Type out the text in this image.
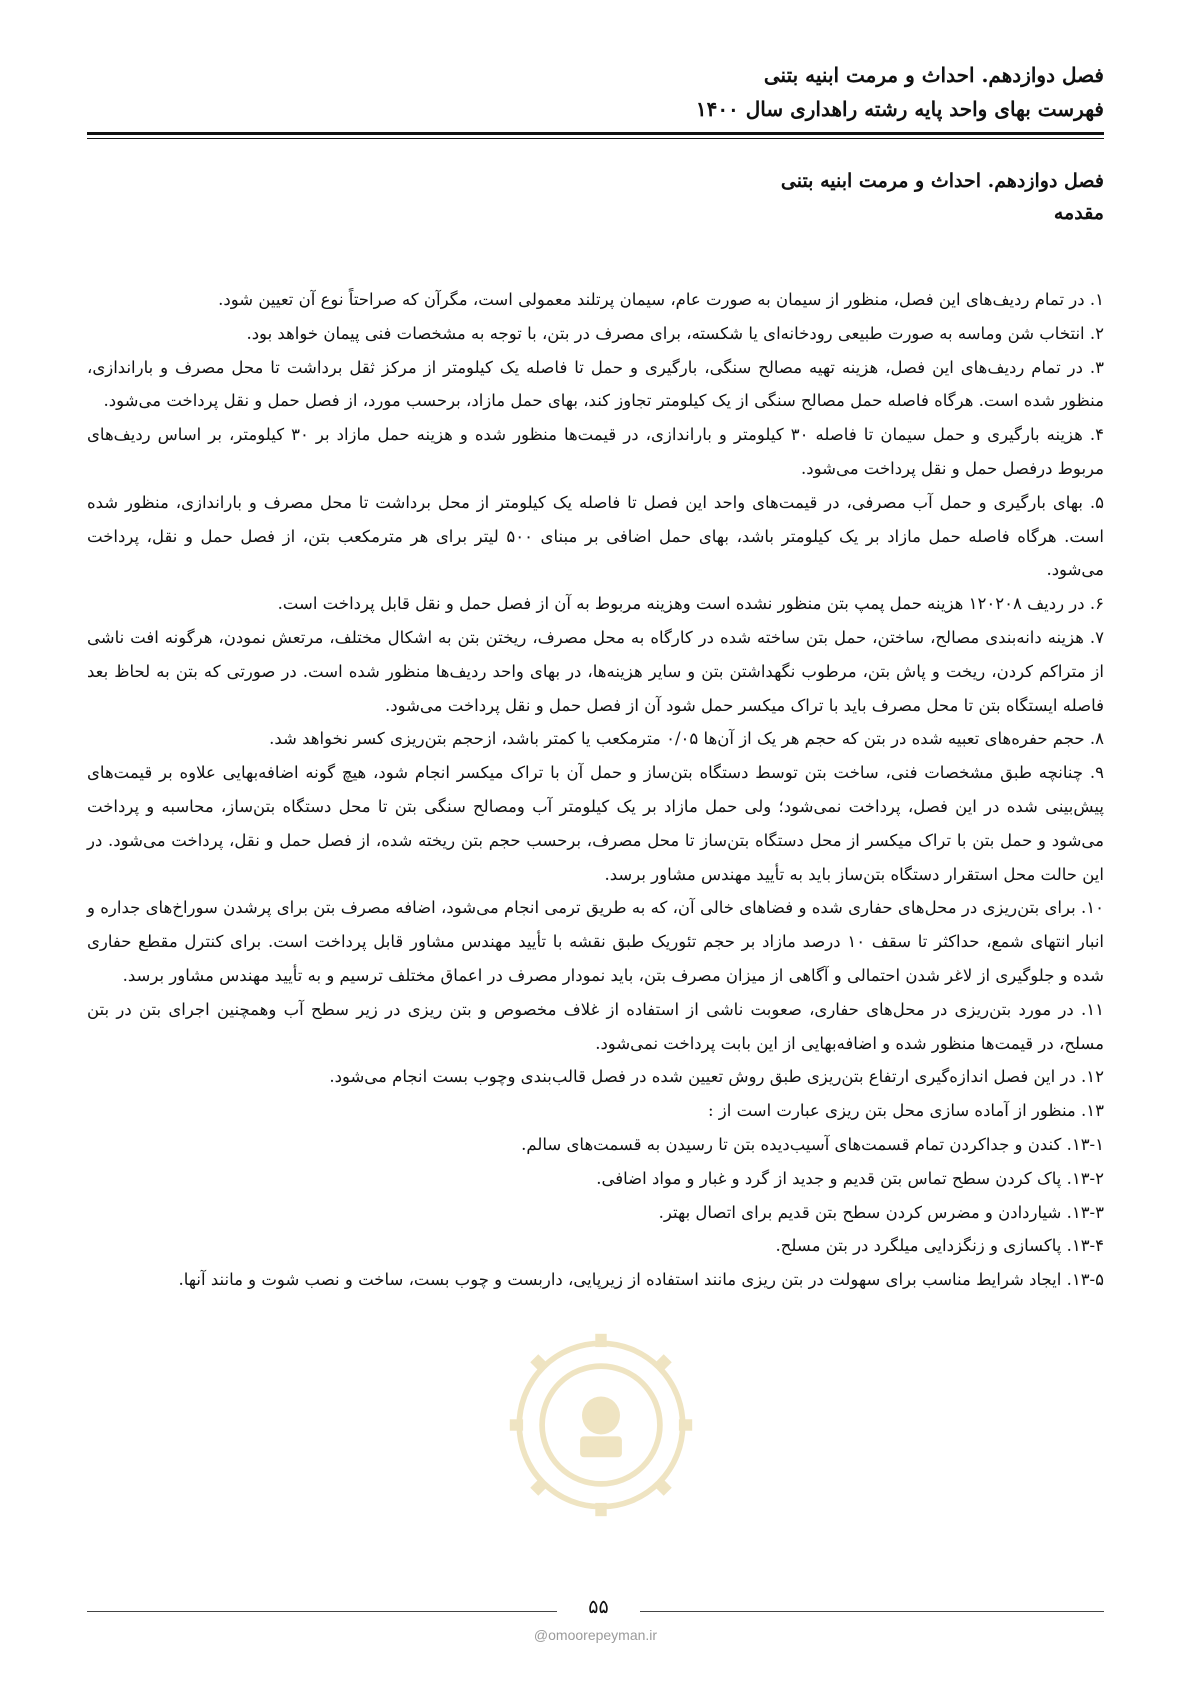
فصل دوازدهم. احداث و مرمت ابنیه بتنی
فهرست بهای واحد پایه رشته راهداری سال ۱۴۰۰
فصل دوازدهم. احداث و مرمت ابنیه بتنی
مقدمه

۱. در تمام ردیف‌های این فصل، منظور از سیمان به صورت عام، سیمان پرتلند معمولی است، مگرآن که صراحتاً نوع آن تعیین شود.

۲. انتخاب شن وماسه به صورت طبیعی رودخانه‌ای یا شکسته، برای مصرف در بتن، با توجه به مشخصات فنی پیمان خواهد بود.

۳. در تمام ردیف‌های این فصل، هزینه تهیه مصالح سنگی، بارگیری و حمل تا فاصله یک کیلومتر از مرکز ثقل برداشت تا محل مصرف و باراندازی، منظور شده است. هرگاه فاصله حمل مصالح سنگی از یک کیلومتر تجاوز کند، بهای حمل مازاد، برحسب مورد، از فصل حمل و نقل پرداخت می‌شود.

۴. هزینه بارگیری و حمل سیمان تا فاصله ۳۰ کیلومتر و باراندازی، در قیمت‌ها منظور شده و هزینه حمل مازاد بر ۳۰ کیلومتر، بر اساس ردیف‌های مربوط درفصل حمل و نقل پرداخت می‌شود.

۵. بهای بارگیری و حمل آب مصرفی، در قیمت‌های واحد این فصل تا فاصله یک کیلومتر از محل برداشت تا محل مصرف و باراندازی، منظور شده است. هرگاه فاصله حمل مازاد بر یک کیلومتر باشد، بهای حمل اضافی بر مبنای ۵۰۰ لیتر برای هر مترمکعب بتن، از فصل حمل و نقل، پرداخت می‌شود.

۶. در ردیف ۱۲۰۲۰۸ هزینه حمل پمپ بتن منظور نشده است وهزینه مربوط به آن از فصل حمل و نقل قابل پرداخت است.

۷. هزینه دانه‌بندی مصالح، ساختن، حمل بتن ساخته شده در کارگاه به محل مصرف، ریختن بتن به اشکال مختلف، مرتعش نمودن، هرگونه افت ناشی از متراکم کردن، ریخت و پاش بتن، مرطوب نگهداشتن بتن و سایر هزینه‌ها، در بهای واحد ردیف‌ها منظور شده است. در صورتی که بتن به لحاظ بعد فاصله ایستگاه بتن تا محل مصرف باید با تراک میکسر حمل شود آن از فصل حمل و نقل پرداخت می‌شود.

۸. حجم حفره‌های تعبیه شده در بتن که حجم هر یک از آن‌ها ۰/۰۵ مترمکعب یا کمتر باشد، ازحجم بتن‌ریزی کسر نخواهد شد.

۹. چنانچه طبق مشخصات فنی، ساخت بتن توسط دستگاه بتن‌ساز و حمل آن با تراک میکسر انجام شود، هیچ گونه اضافه‌بهایی علاوه بر قیمت‌های پیش‌بینی شده در این فصل، پرداخت نمی‌شود؛ ولی حمل مازاد بر یک کیلومتر آب ومصالح سنگی بتن تا محل دستگاه بتن‌ساز، محاسبه و پرداخت می‌شود و حمل بتن با تراک میکسر از محل دستگاه بتن‌ساز تا محل مصرف، برحسب حجم بتن ریخته شده، از فصل حمل و نقل، پرداخت می‌شود. در این حالت محل استقرار دستگاه بتن‌ساز باید به تأیید مهندس مشاور برسد.

۱۰. برای بتن‌ریزی در محل‌های حفاری شده و فضاهای خالی آن، که به طریق ترمی انجام می‌شود، اضافه مصرف بتن برای پرشدن سوراخ‌های جداره و انبار انتهای شمع، حداکثر تا سقف ۱۰ درصد مازاد بر حجم تئوریک طبق نقشه با تأیید مهندس مشاور قابل پرداخت است. برای کنترل مقطع حفاری شده و جلوگیری از لاغر شدن احتمالی و آگاهی از میزان مصرف بتن، باید نمودار مصرف در اعماق مختلف ترسیم و به تأیید مهندس مشاور برسد.

۱۱. در مورد بتن‌ریزی در محل‌های حفاری، صعوبت ناشی از استفاده از غلاف مخصوص و بتن ریزی در زیر سطح آب وهمچنین اجرای بتن در بتن مسلح، در قیمت‌ها منظور شده و اضافه‌بهایی از این بابت پرداخت نمی‌شود.

۱۲. در این فصل اندازه‌گیری ارتفاع بتن‌ریزی طبق روش تعیین شده در فصل قالب‌بندی وچوب بست انجام می‌شود.

۱۳. منظور از آماده سازی محل بتن ریزی عبارت است از :

۱۳-۱. کندن و جداکردن تمام قسمت‌های آسیب‌دیده بتن تا رسیدن به قسمت‌های سالم.

۱۳-۲. پاک کردن سطح تماس بتن قدیم و جدید از گرد و غبار و مواد اضافی.

۱۳-۳. شیاردادن و مضرس کردن سطح بتن قدیم برای اتصال بهتر.

۱۳-۴. پاکسازی و زنگزدایی میلگرد در بتن مسلح.

۱۳-۵. ایجاد شرایط مناسب برای سهولت در بتن ریزی مانند استفاده از زیرپایی، داربست و چوب بست، ساخت و نصب شوت و مانند آنها.

۵۵
@omoorepeyman.ir
